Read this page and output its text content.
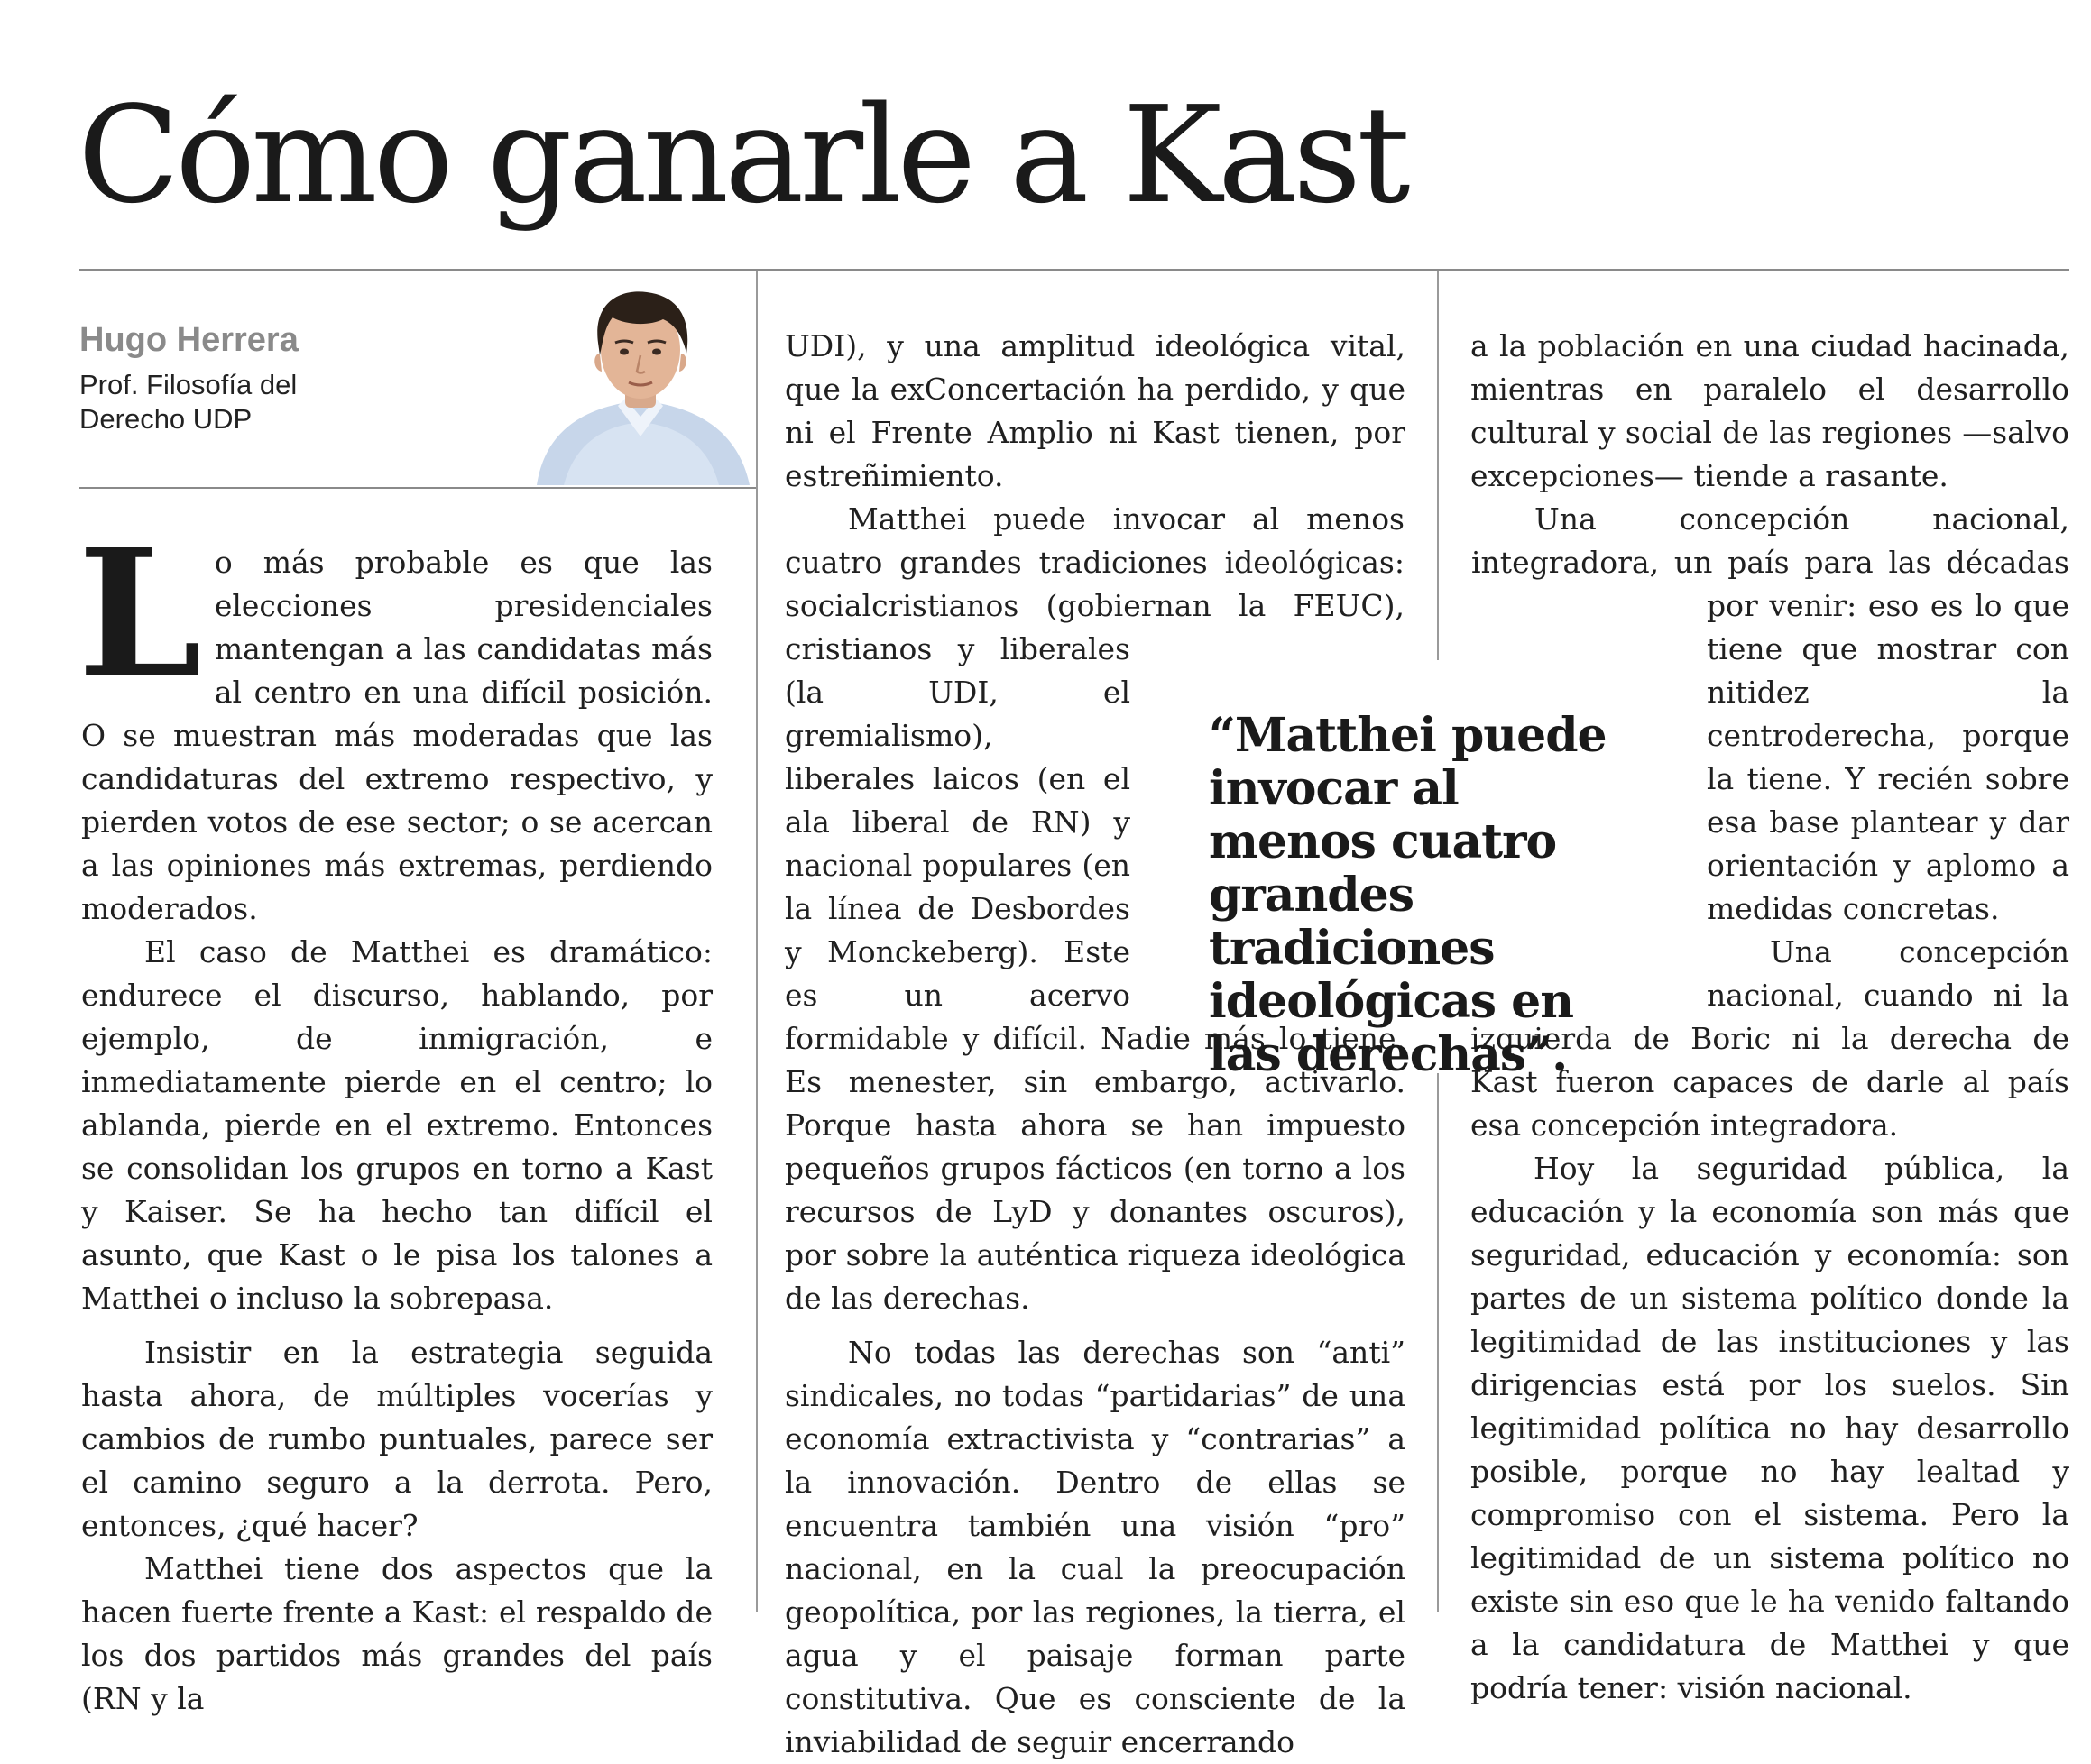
Cómo ganarle a Kast
Hugo Herrera
Prof. Filosofía del Derecho UDP
L o más probable es que las elecciones presidenciales mantengan a las candidatas más al centro en una difícil posición. O se muestran más moderadas que las candidaturas del extremo respectivo, y pierden votos de ese sector; o se acercan a las opiniones más extremas, perdiendo moderados.

El caso de Matthei es dramático: endurece el discurso, hablando, por ejemplo, de inmigración, e inmediatamente pierde en el centro; lo ablanda, pierde en el extremo. Entonces se consolidan los grupos en torno a Kast y Kaiser. Se ha hecho tan difícil el asunto, que Kast o le pisa los talones a Matthei o incluso la sobrepasa.

Insistir en la estrategia seguida hasta ahora, de múltiples vocerías y cambios de rumbo puntuales, parece ser el camino seguro a la derrota. Pero, entonces, ¿qué hacer?

Matthei tiene dos aspectos que la hacen fuerte frente a Kast: el respaldo de los dos partidos más grandes del país (RN y la

UDI), y una amplitud ideológica vital, que la exConcertación ha perdido, y que ni el Frente Amplio ni Kast tienen, por estreñimiento.

Matthei puede invocar al menos cuatro grandes tradiciones ideológicas: socialcristianos (gobiernan la FEUC), cristianos y liberales (la UDI, el gremialismo), liberales laicos (en el ala liberal de RN) y nacional populares (en la línea de Desbordes y Monckeberg). Este es un acervo formidable y difícil. Nadie más lo tiene. Es menester, sin embargo, activarlo. Porque hasta ahora se han impuesto pequeños grupos fácticos (en torno a los recursos de LyD y donantes oscuros), por sobre la auténtica riqueza ideológica de las derechas.

No todas las derechas son “anti” sindicales, no todas “partidarias” de una economía extractivista y “contrarias” a la innovación. Dentro de ellas se encuentra también una visión “pro” nacional, en la cual la preocupación geopolítica, por las regiones, la tierra, el agua y el paisaje forman parte constitutiva. Que es consciente de la inviabilidad de seguir encerrando

a la población en una ciudad hacinada, mientras en paralelo el desarrollo cultural y social de las regiones —salvo excepciones— tiende a rasante.

Una concepción nacional, integradora, un país para las décadas por venir: eso es lo que tiene que mostrar con nitidez la centroderecha, porque la tiene. Y recién sobre esa base plantear y dar orientación y aplomo a medidas concretas.

Una concepción nacional, cuando ni la izquierda de Boric ni la derecha de Kast fueron capaces de darle al país esa concepción integradora.

Hoy la seguridad pública, la educación y la economía son más que seguridad, educación y economía: son partes de un sistema político donde la legitimidad de las instituciones y las dirigencias está por los suelos. Sin legitimidad política no hay desarrollo posible, porque no hay lealtad y compromiso con el sistema. Pero la legitimidad de un sistema político no existe sin eso que le ha venido faltando a la candidatura de Matthei y que podría tener: visión nacional.

“Matthei puede invocar al menos cuatro grandes tradiciones ideológicas en las derechas”.
